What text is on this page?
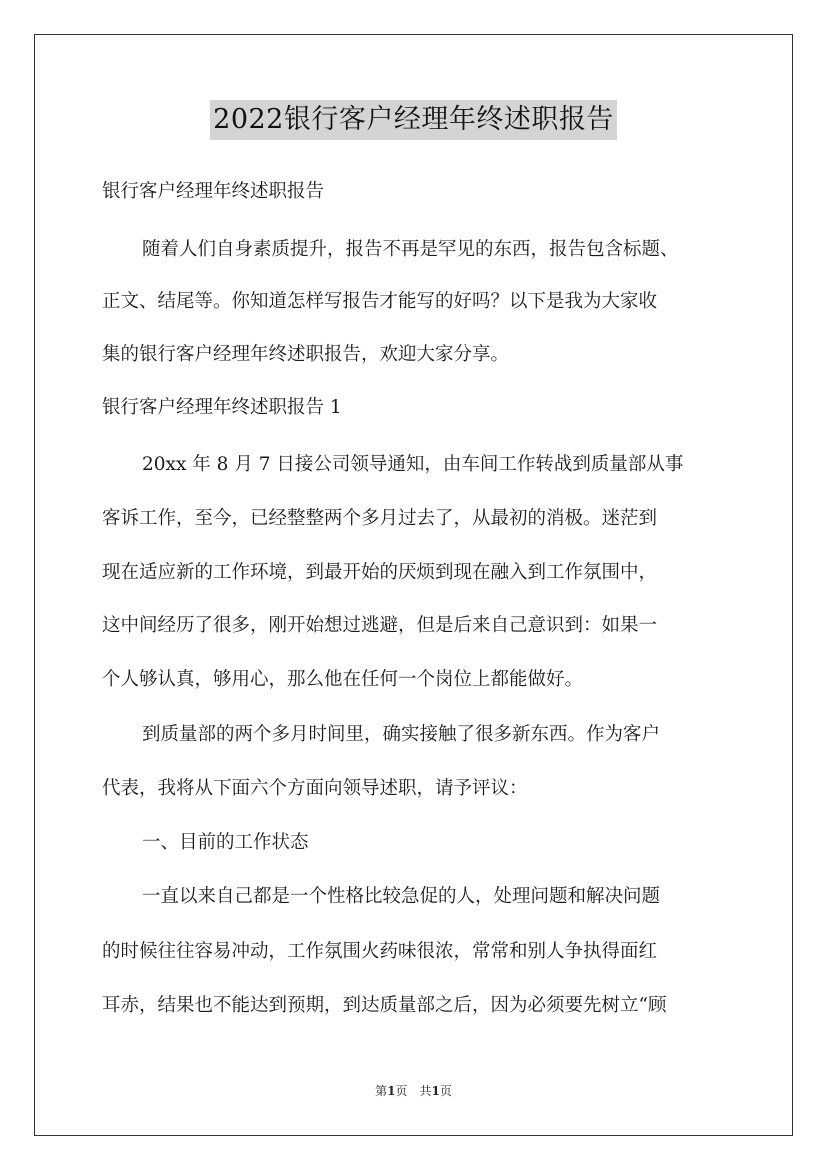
2022银行客户经理年终述职报告
银行客户经理年终述职报告
随着人们自身素质提升，报告不再是罕见的东西，报告包含标题、
正文、结尾等。你知道怎样写报告才能写的好吗？以下是我为大家收
集的银行客户经理年终述职报告，欢迎大家分享。
银行客户经理年终述职报告 1
20xx 年 8 月 7 日接公司领导通知，由车间工作转战到质量部从事
客诉工作，至今，已经整整两个多月过去了，从最初的消极。迷茫到
现在适应新的工作环境，到最开始的厌烦到现在融入到工作氛围中，
这中间经历了很多，刚开始想过逃避，但是后来自己意识到：如果一
个人够认真，够用心，那么他在任何一个岗位上都能做好。
到质量部的两个多月时间里，确实接触了很多新东西。作为客户
代表，我将从下面六个方面向领导述职，请予评议：
一、目前的工作状态
一直以来自己都是一个性格比较急促的人，处理问题和解决问题
的时候往往容易冲动，工作氛围火药味很浓，常常和别人争执得面红
耳赤，结果也不能达到预期，到达质量部之后，因为必须要先树立“顾
第1页　共1页
